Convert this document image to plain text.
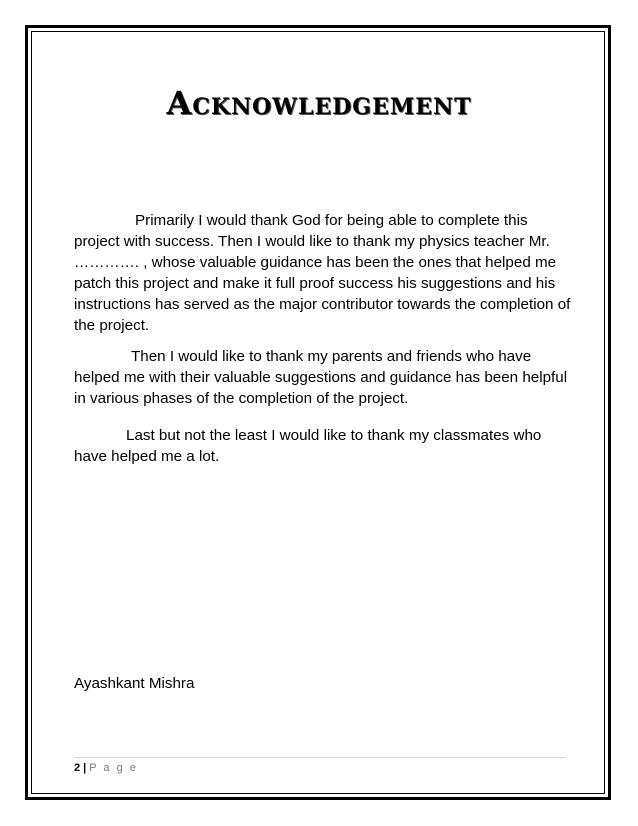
Acknowledgement

Primarily I would thank God for being able to complete this project with success. Then I would like to thank my physics teacher Mr. …………. , whose valuable guidance has been the ones that helped me patch this project and make it full proof success his suggestions and his instructions has served as the major contributor towards the completion of the project.

Then I would like to thank my parents and friends who have helped me with their valuable suggestions and guidance has been helpful in various phases of the completion of the project.

Last but not the least I would like to thank my classmates who have helped me a lot.

Ayashkant Mishra

2 | P a g e
